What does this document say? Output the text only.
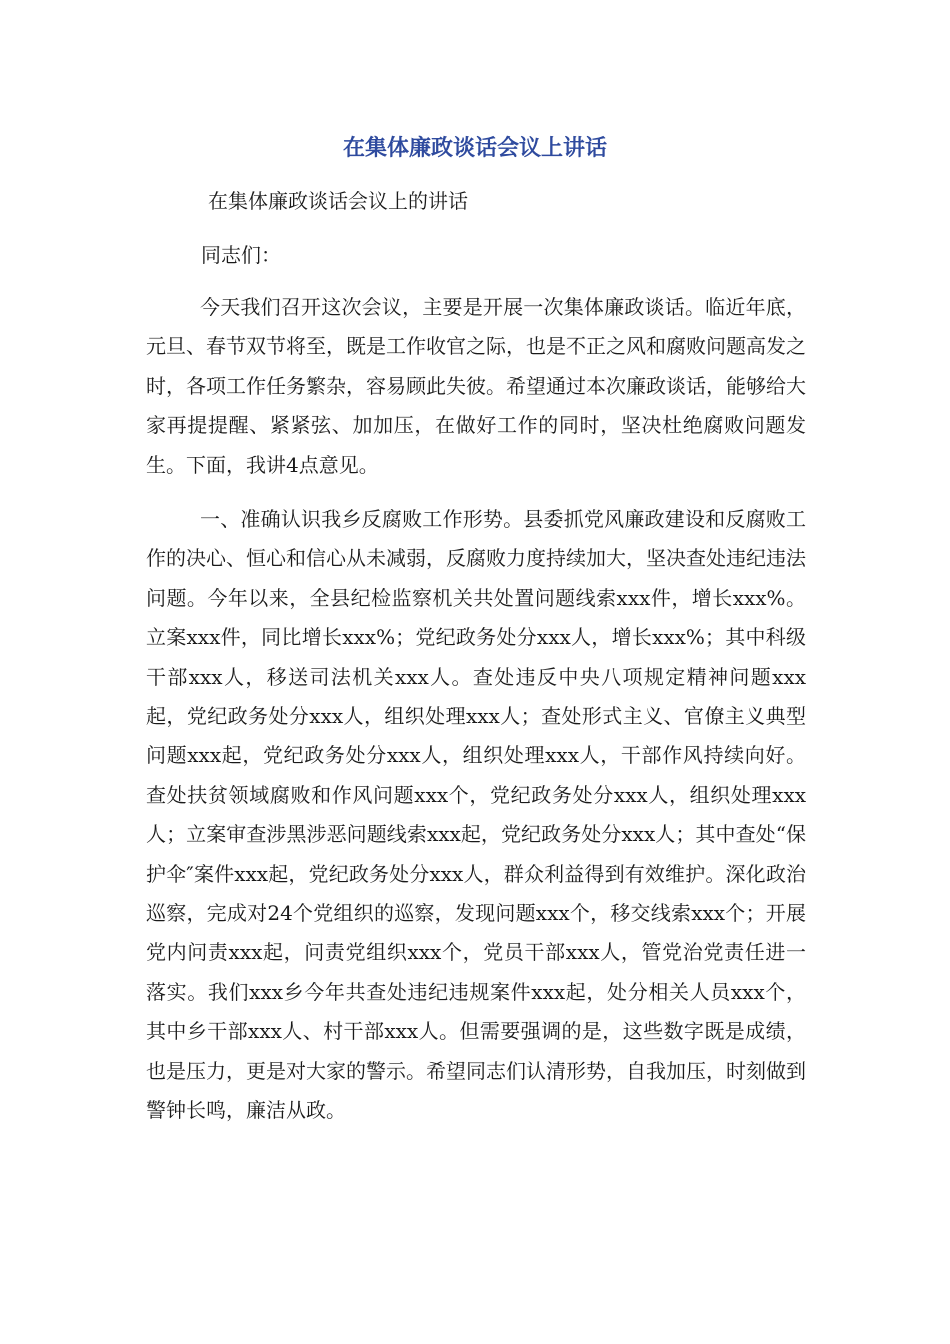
在集体廉政谈话会议上讲话

在集体廉政谈话会议上的讲话

同志们：

今天我们召开这次会议，主要是开展一次集体廉政谈话。临近年底，元旦、春节双节将至，既是工作收官之际，也是不正之风和腐败问题高发之时，各项工作任务繁杂，容易顾此失彼。希望通过本次廉政谈话，能够给大家再提提醒、紧紧弦、加加压，在做好工作的同时，坚决杜绝腐败问题发生。下面，我讲4点意见。

一、准确认识我乡反腐败工作形势。县委抓党风廉政建设和反腐败工作的决心、恒心和信心从未减弱，反腐败力度持续加大，坚决查处违纪违法问题。今年以来，全县纪检监察机关共处置问题线索xxx件，增长xxx%。立案xxx件，同比增长xxx%；党纪政务处分xxx人，增长xxx%；其中科级干部xxx人，移送司法机关xxx人。查处违反中央八项规定精神问题xxx起，党纪政务处分xxx人，组织处理xxx人；查处形式主义、官僚主义典型问题xxx起，党纪政务处分xxx人，组织处理xxx人，干部作风持续向好。查处扶贫领域腐败和作风问题xxx个，党纪政务处分xxx人，组织处理xxx人；立案审查涉黑涉恶问题线索xxx起，党纪政务处分xxx人；其中查处“保护伞″案件xxx起，党纪政务处分xxx人，群众利益得到有效维护。深化政治巡察，完成对24个党组织的巡察，发现问题xxx个，移交线索xxx个；开展党内问责xxx起，问责党组织xxx个，党员干部xxx人，管党治党责任进一落实。我们xxx乡今年共查处违纪违规案件xxx起，处分相关人员xxx个，其中乡干部xxx人、村干部xxx人。但需要强调的是，这些数字既是成绩，也是压力，更是对大家的警示。希望同志们认清形势，自我加压，时刻做到警钟长鸣，廉洁从政。
